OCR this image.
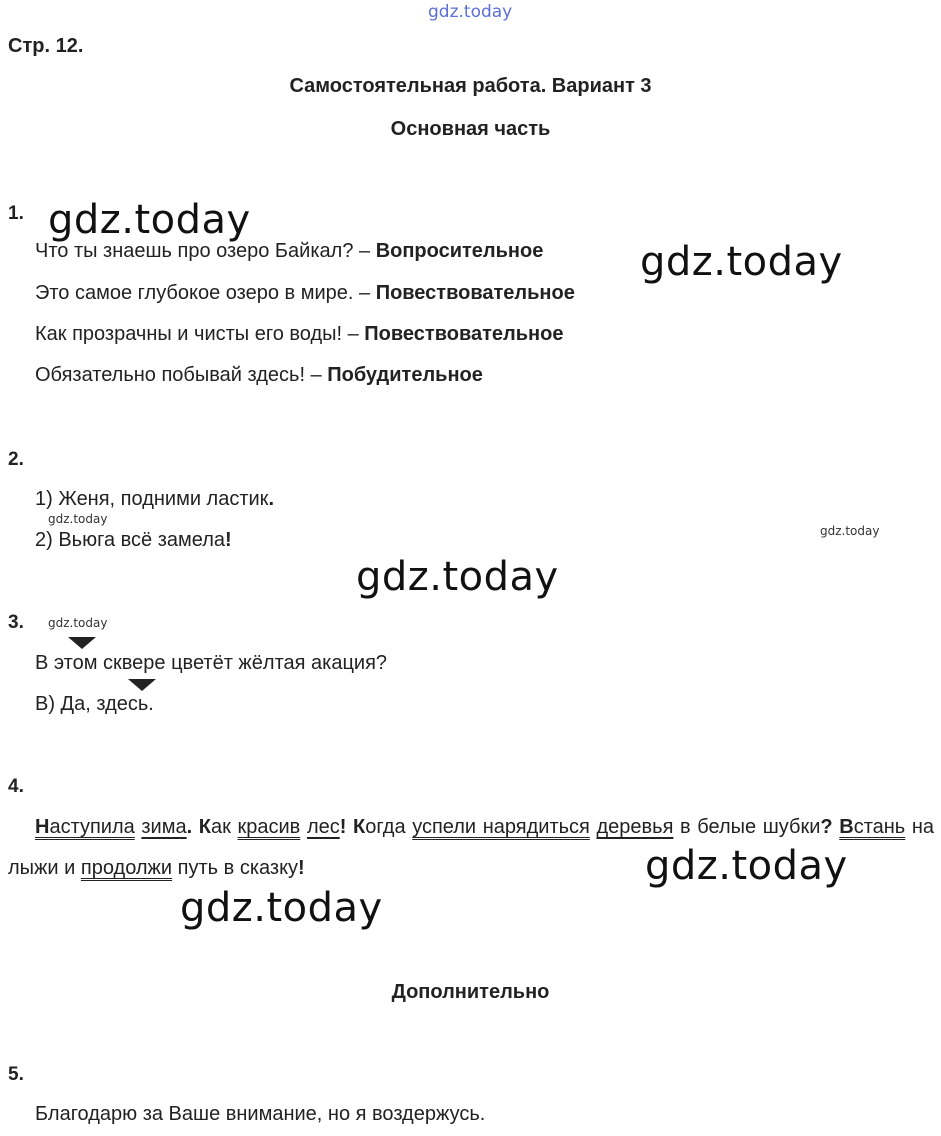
gdz.today
gdz.today
gdz.today
gdz.today
gdz.today
gdz.today
gdz.today
gdz.today
gdz.today
Стр. 12.
Самостоятельная работа. Вариант 3
Основная часть
1.
Что ты знаешь про озеро Байкал? – Вопросительное
Это самое глубокое озеро в мире. – Повествовательное
Как прозрачны и чисты его воды! – Повествовательное
Обязательно побывай здесь! – Побудительное
2.
1) Женя, подними ластик.
2) Вьюга всё замела!
3.
В этом сквере цветёт жёлтая акация?
В) Да, здесь.
4.
Наступила зима. Как красив лес! Когда успели нарядиться деревья в белые шубки? Встань на лыжи и продолжи путь в сказку!
Дополнительно
5.
Благодарю за Ваше внимание, но я воздержусь.
